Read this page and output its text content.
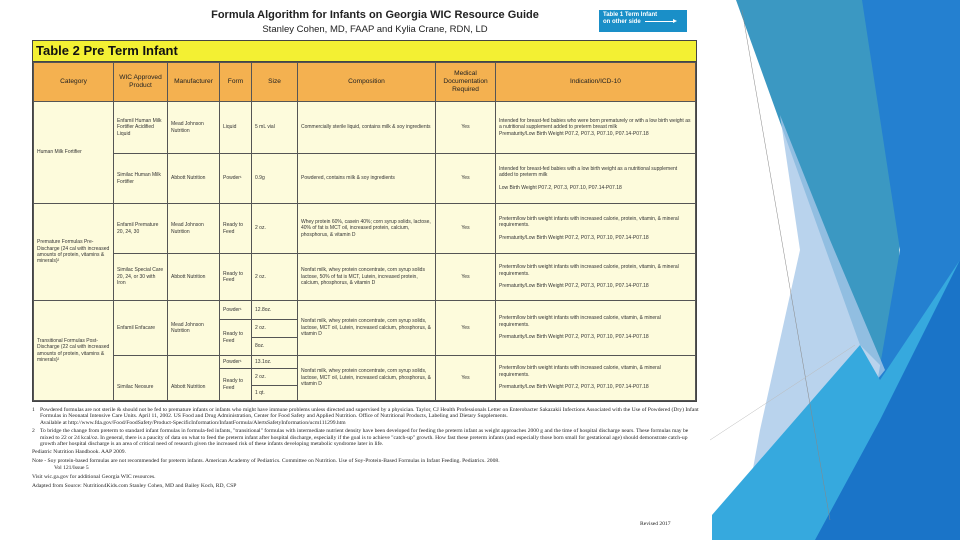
Formula Algorithm for Infants on Georgia WIC Resource Guide
Stanley Cohen, MD, FAAP and Kylia Crane, RDN, LD
Table 1 Term Infant
on other side
Table 2 Pre Term Infant
Category	WIC Approved Product	Manufacturer	Form	Size	Composition	Medical Documentation Required	Indication/ICD-10
Human Milk Fortifier	Enfamil Human Milk Fortifier Acidified Liquid	Mead Johnson Nutrition	Liquid	5 mL vial	Commercially sterile liquid, contains milk & soy ingredients	Yes	Intended for breast-fed babies who were born prematurely or with a low birth weight as a nutritional supplement added to preterm breast milk
Prematurity/Low Birth Weight P07.2, P07.3, P07.10, P07.14-P07.18

	Similac Human Milk Fortifier	Abbott Nutrition	Powder¹	0.9g	Powdered, contains milk & soy ingredients	Yes	Intended for breast-fed babies with a low birth weight as a nutritional supplement added to preterm milk
Low Birth Weight P07.2, P07.3, P07.10, P07.14-P07.18

Premature Formulas Pre-Discharge (24 cal with increased amounts of protein, vitamins & minerals)²	Enfamil Premature 20, 24, 30	Mead Johnson Nutrition	Ready to Feed	2 oz.	Whey protein 60%, casein 40%; corn syrup solids, lactose, 40% of fat is MCT oil, increased protein, calcium, phosphorus, & vitamin D	Yes	Preterm/low birth weight infants with increased calorie, protein, vitamin, & mineral requirements.
Prematurity/Low Birth Weight P07.2, P07.3, P07.10, P07.14-P07.18

	Similac Special Care 20, 24, or 30 with Iron	Abbott Nutrition	Ready to Feed	2 oz.	Nonfat milk, whey protein concentrate, corn syrup solids lactose, 50% of fat is MCT, Lutein, increased protein, calcium, phosphorus, & vitamin D	Yes	Preterm/low birth weight infants with increased calorie, protein, vitamin, & mineral requirements.
Prematurity/Low Birth Weight P07.2, P07.3, P07.10, P07.14-P07.18

Transitional Formulas Post-Discharge (22 cal with increased amounts of protein, vitamins & minerals)²	Enfamil Enfacare	Mead Johnson Nutrition	Powder¹	12.8oz.	Nonfat milk, whey protein concentrate, corn syrup solids, lactose, MCT oil, Lutein, increased calcium, phosphorus, & vitamin D	Yes	Preterm/low birth weight infants with increased calorie, vitamin, & mineral requirements.
Prematurity/Low Birth Weight P07.2, P07.3, P07.10, P07.14-P07.18

			Ready to Feed	2 oz.			
				8oz.			
	Similac Neosure	Abbott Nutrition	Powder¹	13.1oz.	Nonfat milk, whey protein concentrate, corn syrup solids, lactose, MCT oil, Lutein, increased calcium, phosphorus, & vitamin D	Yes	Preterm/low birth weight infants with increased calorie, vitamin, & mineral requirements.
Prematurity/Low Birth Weight P07.2, P07.3, P07.10, P07.14-P07.18

			Ready to Feed	2 oz.			
				1 qt.			
1 Powdered formulas are not sterile & should not be fed to premature infants or infants who might have immune problems unless directed and supervised by a physician. Taylor, CJ Health Professionals Letter on Enterobacter Sakazakii Infections Associated with the Use of Powdered (Dry) Infant Formulas in Neonatal Intensive Care Units. April 11, 2002. US Food and Drug Administration, Center for Food Safety and Applied Nutrition. Office of Nutritional Products, Labeling and Dietary Supplements.
Available at http://www.fda.gov/Food/FoodSafety/Product-SpecificInformation/InfantFormula/AlertsSafetyInformation/ucm111299.htm
2 To bridge the change from preterm to standard infant formulas in formula-fed infants, "transitional" formulas with intermediate nutrient density have been developed for feeding the preterm infant as weight approaches 2000 g and the time of hospital discharge nears. These formulas may be mixed to 22 or 24 kcal/oz. In general, there is a paucity of data on what to feed the preterm infant after hospital discharge, especially if the goal is to achieve "catch-up" growth. How fast these preterm infants (and especially those born small for gestational age) should demonstrate catch-up growth after hospital discharge is an area of critical need of research given the increased risk of these infants developing metabolic syndrome later in life.

Pediatric Nutrition Handbook. AAP 2009.

Note - Soy protein-based formulas are not recommended for preterm infants. American Academy of Pediatrics. Committee on Nutrition. Use of Soy-Protein-Based Formulas in Infant Feeding. Pediatrics. 2008.
Vol 121/Issue 5

Visit wic.ga.gov for additional Georgia WIC resources.

Adapted from Source: Nutrition4Kids.com Stanley Cohen, MD and Bailey Koch, RD, CSP

Revised 2017
